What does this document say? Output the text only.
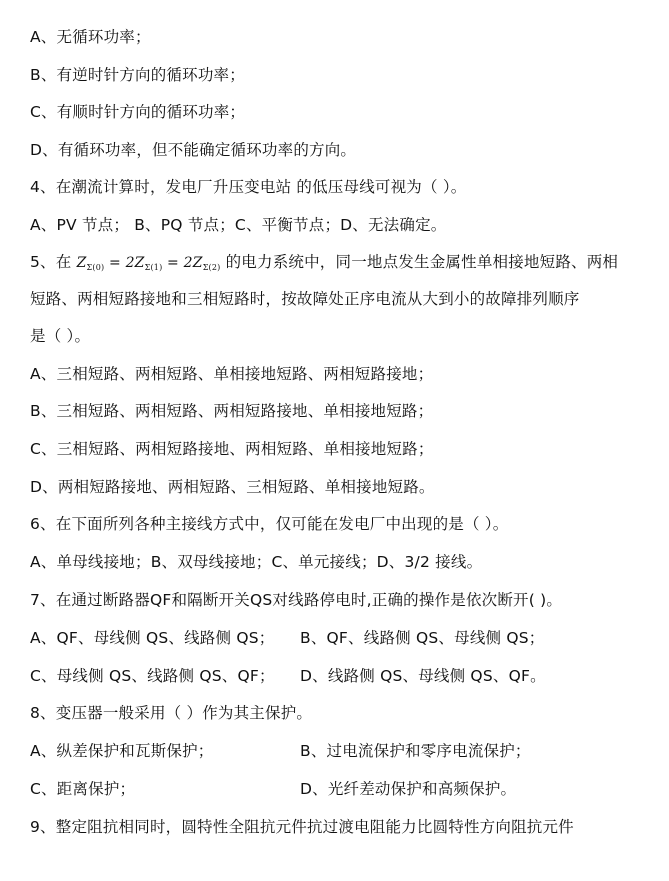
A、无循环功率；
B、有逆时针方向的循环功率；
C、有顺时针方向的循环功率；
D、有循环功率，但不能确定循环功率的方向。
4、在潮流计算时，发电厂升压变电站 的低压母线可视为（ ）。
A、PV 节点； B、PQ 节点；C、平衡节点；D、无法确定。
5、在 $Z_{\Sigma(0)} = 2Z_{\Sigma(1)} = 2Z_{\Sigma(2)}$ 的电力系统中，同一地点发生金属性单相接地短路、两相
短路、两相短路接地和三相短路时，按故障处正序电流从大到小的故障排列顺序
是（ ）。
A、三相短路、两相短路、单相接地短路、两相短路接地；
B、三相短路、两相短路、两相短路接地、单相接地短路；
C、三相短路、两相短路接地、两相短路、单相接地短路；
D、两相短路接地、两相短路、三相短路、单相接地短路。
6、在下面所列各种主接线方式中，仅可能在发电厂中出现的是（ ）。
A、单母线接地；B、双母线接地；C、单元接线；D、3/2 接线。
7、在通过断路器QF和隔断开关QS对线路停电时,正确的操作是依次断开( )。
A、QF、母线侧 QS、线路侧 QS； B、QF、线路侧 QS、母线侧 QS；
C、母线侧 QS、线路侧 QS、QF； D、线路侧 QS、母线侧 QS、QF。
8、变压器一般采用（ ）作为其主保护。
A、纵差保护和瓦斯保护；	B、过电流保护和零序电流保护；
C、距离保护；	D、光纤差动保护和高频保护。
9、整定阻抗相同时，圆特性全阻抗元件抗过渡电阻能力比圆特性方向阻抗元件
